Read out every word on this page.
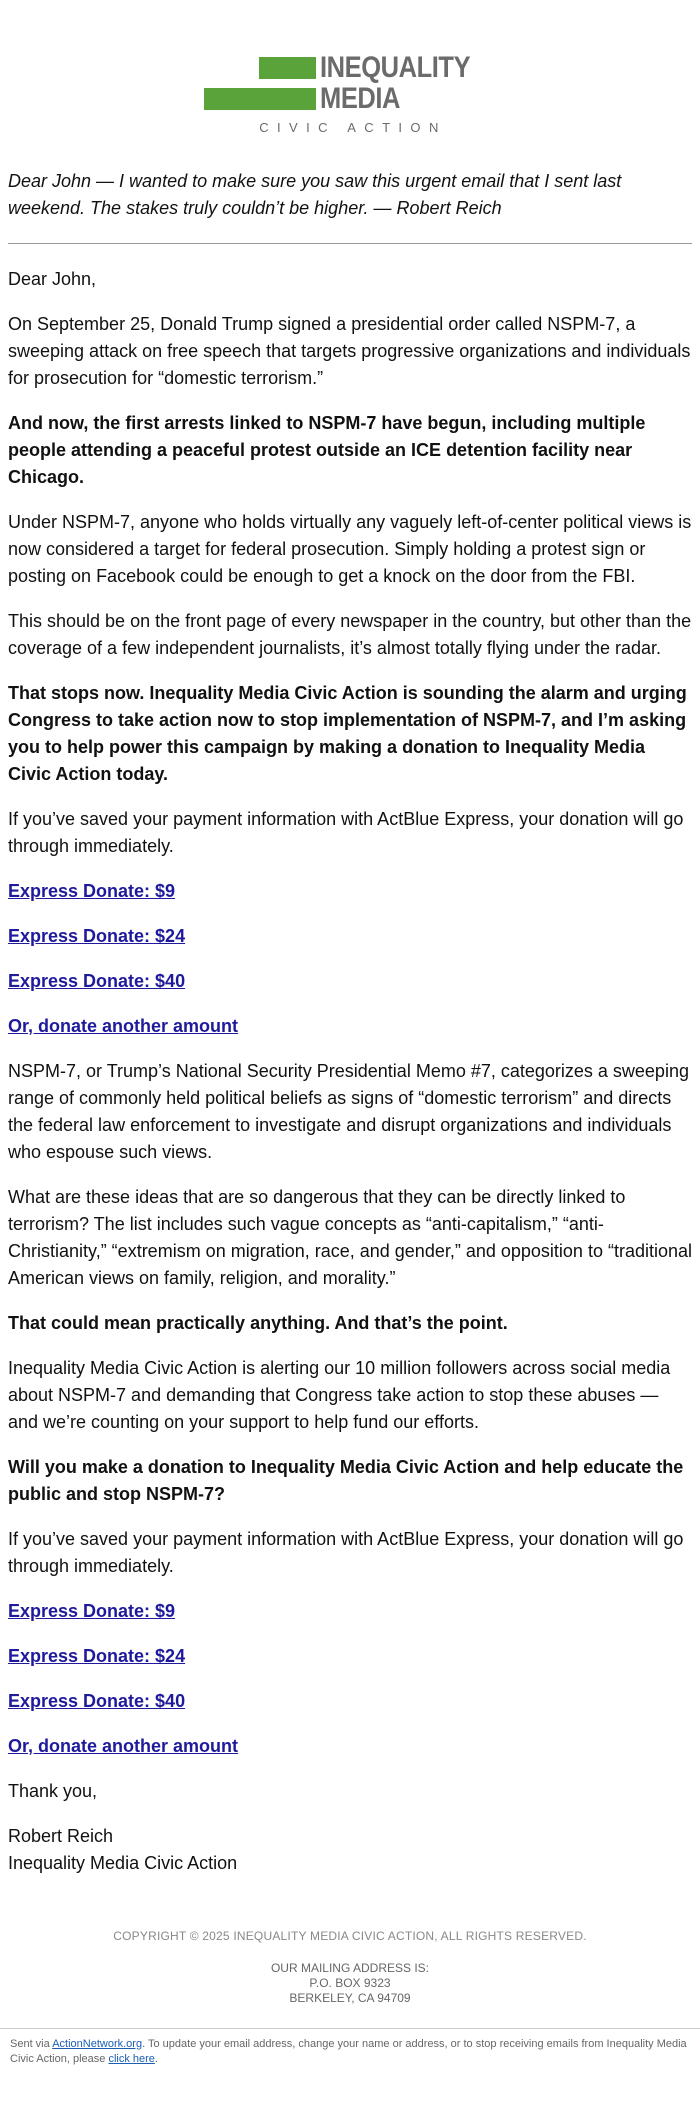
INEQUALITY
MEDIA
CIVIC ACTION
Dear John — I wanted to make sure you saw this urgent email that I sent last weekend. The stakes truly couldn’t be higher. — Robert Reich

Dear John,

On September 25, Donald Trump signed a presidential order called NSPM-7, a sweeping attack on free speech that targets progressive organizations and individuals for prosecution for “domestic terrorism.”

And now, the first arrests linked to NSPM-7 have begun, including multiple people attending a peaceful protest outside an ICE detention facility near Chicago.

Under NSPM-7, anyone who holds virtually any vaguely left-of-center political views is now considered a target for federal prosecution. Simply holding a protest sign or posting on Facebook could be enough to get a knock on the door from the FBI.

This should be on the front page of every newspaper in the country, but other than the coverage of a few independent journalists, it’s almost totally flying under the radar.

That stops now. Inequality Media Civic Action is sounding the alarm and urging Congress to take action now to stop implementation of NSPM-7, and I’m asking you to help power this campaign by making a donation to Inequality Media Civic Action today.

If you’ve saved your payment information with ActBlue Express, your donation will go through immediately.

Express Donate: $9
Express Donate: $24
Express Donate: $40
Or, donate another amount

NSPM-7, or Trump’s National Security Presidential Memo #7, categorizes a sweeping range of commonly held political beliefs as signs of “domestic terrorism” and directs the federal law enforcement to investigate and disrupt organizations and individuals who espouse such views.

What are these ideas that are so dangerous that they can be directly linked to terrorism? The list includes such vague concepts as “anti-capitalism,” “anti-Christianity,” “extremism on migration, race, and gender,” and opposition to “traditional American views on family, religion, and morality.”

That could mean practically anything. And that’s the point.

Inequality Media Civic Action is alerting our 10 million followers across social media about NSPM-7 and demanding that Congress take action to stop these abuses — and we’re counting on your support to help fund our efforts.

Will you make a donation to Inequality Media Civic Action and help educate the public and stop NSPM-7?

If you’ve saved your payment information with ActBlue Express, your donation will go through immediately.

Express Donate: $9
Express Donate: $24
Express Donate: $40
Or, donate another amount

Thank you,

Robert Reich
Inequality Media Civic Action
COPYRIGHT © 2025 INEQUALITY MEDIA CIVIC ACTION, ALL RIGHTS RESERVED.
OUR MAILING ADDRESS IS:
P.O. BOX 9323
BERKELEY, CA 94709
Sent via ActionNetwork.org. To update your email address, change your name or address, or to stop receiving emails from Inequality Media Civic Action, please click here.
